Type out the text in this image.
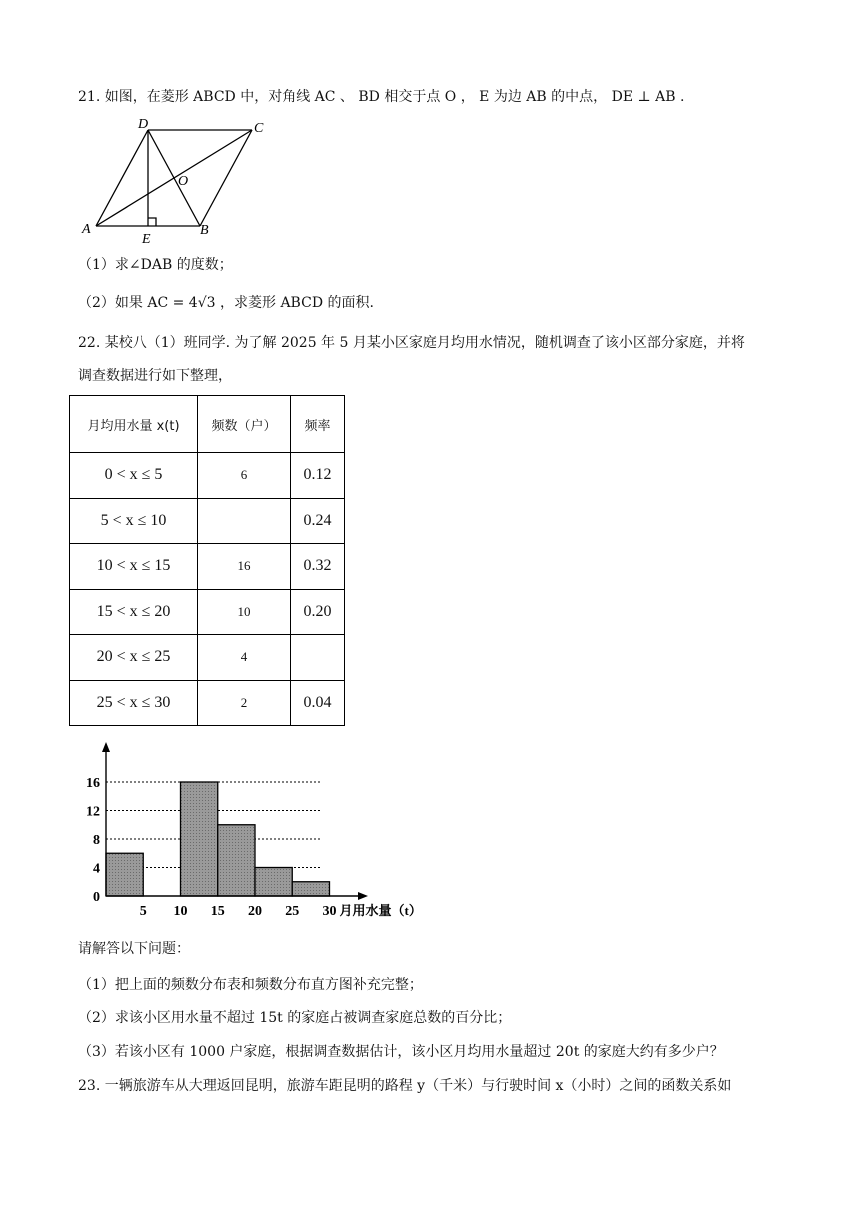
21. 如图，在菱形 ABCD 中，对角线 AC 、 BD 相交于点 O ， E 为边 AB 的中点， DE ⊥ AB .
D	C
O
A
E
B
（1）求∠DAB 的度数；
（2）如果 AC = 4√3 ，求菱形 ABCD 的面积.
22. 某校八（1）班同学. 为了解 2025 年 5 月某小区家庭月均用水情况，随机调查了该小区部分家庭，并将
调查数据进行如下整理，
月均用水量 x(t)	频数（户）	频率
0 < x ≤ 5	6	0.12
5 < x ≤ 10		0.24
10 < x ≤ 15	16	0.32
15 < x ≤ 20	10	0.20
20 < x ≤ 25	4	
25 < x ≤ 30	2	0.04
0
4
8
12
16
5 10 15 20 25 30 月用水量（t）
请解答以下问题：
（1）把上面的频数分布表和频数分布直方图补充完整；
（2）求该小区用水量不超过 15t 的家庭占被调查家庭总数的百分比；
（3）若该小区有 1000 户家庭，根据调查数据估计，该小区月均用水量超过 20t 的家庭大约有多少户？
23. 一辆旅游车从大理返回昆明，旅游车距昆明的路程 y（千米）与行驶时间 x（小时）之间的函数关系如
